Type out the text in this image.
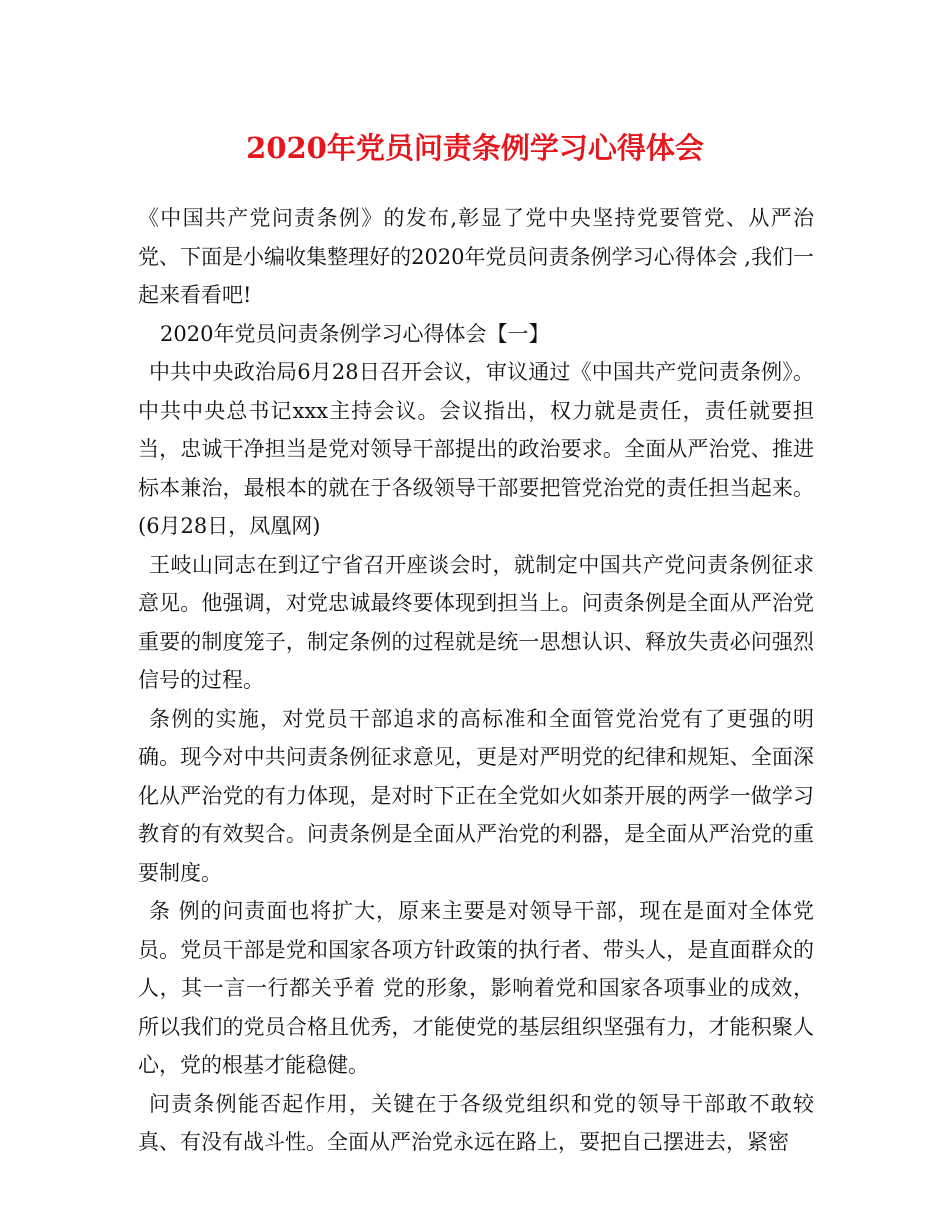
2020年党员问责条例学习心得体会

《中国共产党问责条例》的发布,彰显了党中央坚持党要管党、从严治党、下面是小编收集整理好的2020年党员问责条例学习心得体会 ,我们一起来看看吧!

2020年党员问责条例学习心得体会【一】

中共中央政治局6月28日召开会议，审议通过《中国共产党问责条例》。中共中央总书记xxx主持会议。会议指出，权力就是责任，责任就要担当，忠诚干净担当是党对领导干部提出的政治要求。全面从严治党、推进标本兼治，最根本的就在于各级领导干部要把管党治党的责任担当起来。(6月28日，凤凰网)

王岐山同志在到辽宁省召开座谈会时，就制定中国共产党问责条例征求意见。他强调，对党忠诚最终要体现到担当上。问责条例是全面从严治党重要的制度笼子，制定条例的过程就是统一思想认识、释放失责必问强烈信号的过程。

条例的实施，对党员干部追求的高标准和全面管党治党有了更强的明确。现今对中共问责条例征求意见，更是对严明党的纪律和规矩、全面深化从严治党的有力体现，是对时下正在全党如火如荼开展的两学一做学习教育的有效契合。问责条例是全面从严治党的利器，是全面从严治党的重要制度。

条 例的问责面也将扩大，原来主要是对领导干部，现在是面对全体党员。党员干部是党和国家各项方针政策的执行者、带头人，是直面群众的人，其一言一行都关乎着 党的形象，影响着党和国家各项事业的成效，所以我们的党员合格且优秀，才能使党的基层组织坚强有力，才能积聚人心，党的根基才能稳健。

问责条例能否起作用，关键在于各级党组织和党的领导干部敢不敢较真、有没有战斗性。全面从严治党永远在路上，要把自己摆进去，紧密
